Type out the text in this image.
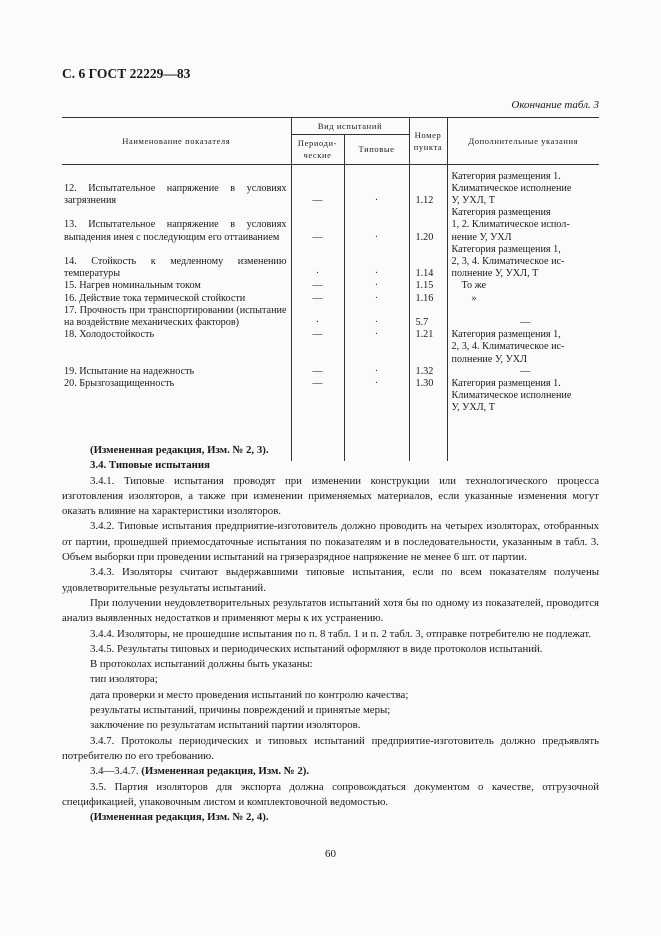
С. 6 ГОСТ 22229—83
Окончание табл. 3
Наименование показателя	Вид испытаний		Номер пункта	Дополнительные указания
	Периоди-ческие	Типовые		
12. Испытательное напряжение в условиях загрязнения	—	·	1.12	Категория размещения 1.
Климатическое исполнение
У, УХЛ, Т

13. Испытательное напряжение в условиях выпадения инея с последующим его оттаиванием	—	·	1.20	Категория размещения
1, 2. Климатическое испол-
нение У, УХЛ

14. Стойкость к медленному изменению температуры	·	·	1.14	Категория размещения 1,
2, 3, 4. Климатическое ис-
полнение У, УХЛ, Т

15. Нагрев номинальным током	—	·	1.15	То же

16. Действие тока термической стойкости	—	·	1.16	»

17. Прочность при транспортировании (испытание на воздействие механических факторов)	·	·	5.7	—

18. Холодостойкость	—	·	1.21	Категория размещения 1,
2, 3, 4. Климатическое ис-
полнение У, УХЛ

19. Испытание на надежность	—	·	1.32	—

20. Брызгозащищенность	—	·	1.30	Категория размещения 1.
Климатическое исполнение
У, УХЛ, Т

(Измененная редакция, Изм. № 2, 3).

3.4. Типовые испытания

3.4.1. Типовые испытания проводят при изменении конструкции или технологического процесса изготовления изоляторов, а также при изменении применяемых материалов, если указанные изменения могут оказать влияние на характеристики изоляторов.

3.4.2. Типовые испытания предприятие-изготовитель должно проводить на четырех изоляторах, отобранных от партии, прошедшей приемосдаточные испытания по показателям и в последовательности, указанным в табл. 3. Объем выборки при проведении испытаний на грязеразрядное напряжение не менее 6 шт. от партии.

3.4.3. Изоляторы считают выдержавшими типовые испытания, если по всем показателям получены удовлетворительные результаты испытаний.

При получении неудовлетворительных результатов испытаний хотя бы по одному из показателей, проводится анализ выявленных недостатков и применяют меры к их устранению.

3.4.4. Изоляторы, не прошедшие испытания по п. 8 табл. 1 и п. 2 табл. 3, отправке потребителю не подлежат.

3.4.5. Результаты типовых и периодических испытаний оформляют в виде протоколов испытаний.

В протоколах испытаний должны быть указаны:

тип изолятора;

дата проверки и место проведения испытаний по контролю качества;

результаты испытаний, причины повреждений и принятые меры;

заключение по результатам испытаний партии изоляторов.

3.4.7. Протоколы периодических и типовых испытаний предприятие-изготовитель должно предъявлять потребителю по его требованию.

3.4—3.4.7. (Измененная редакция, Изм. № 2).

3.5. Партия изоляторов для экспорта должна сопровождаться документом о качестве, отгрузочной спецификацией, упаковочным листом и комплектовочной ведомостью.

(Измененная редакция, Изм. № 2, 4).

60
